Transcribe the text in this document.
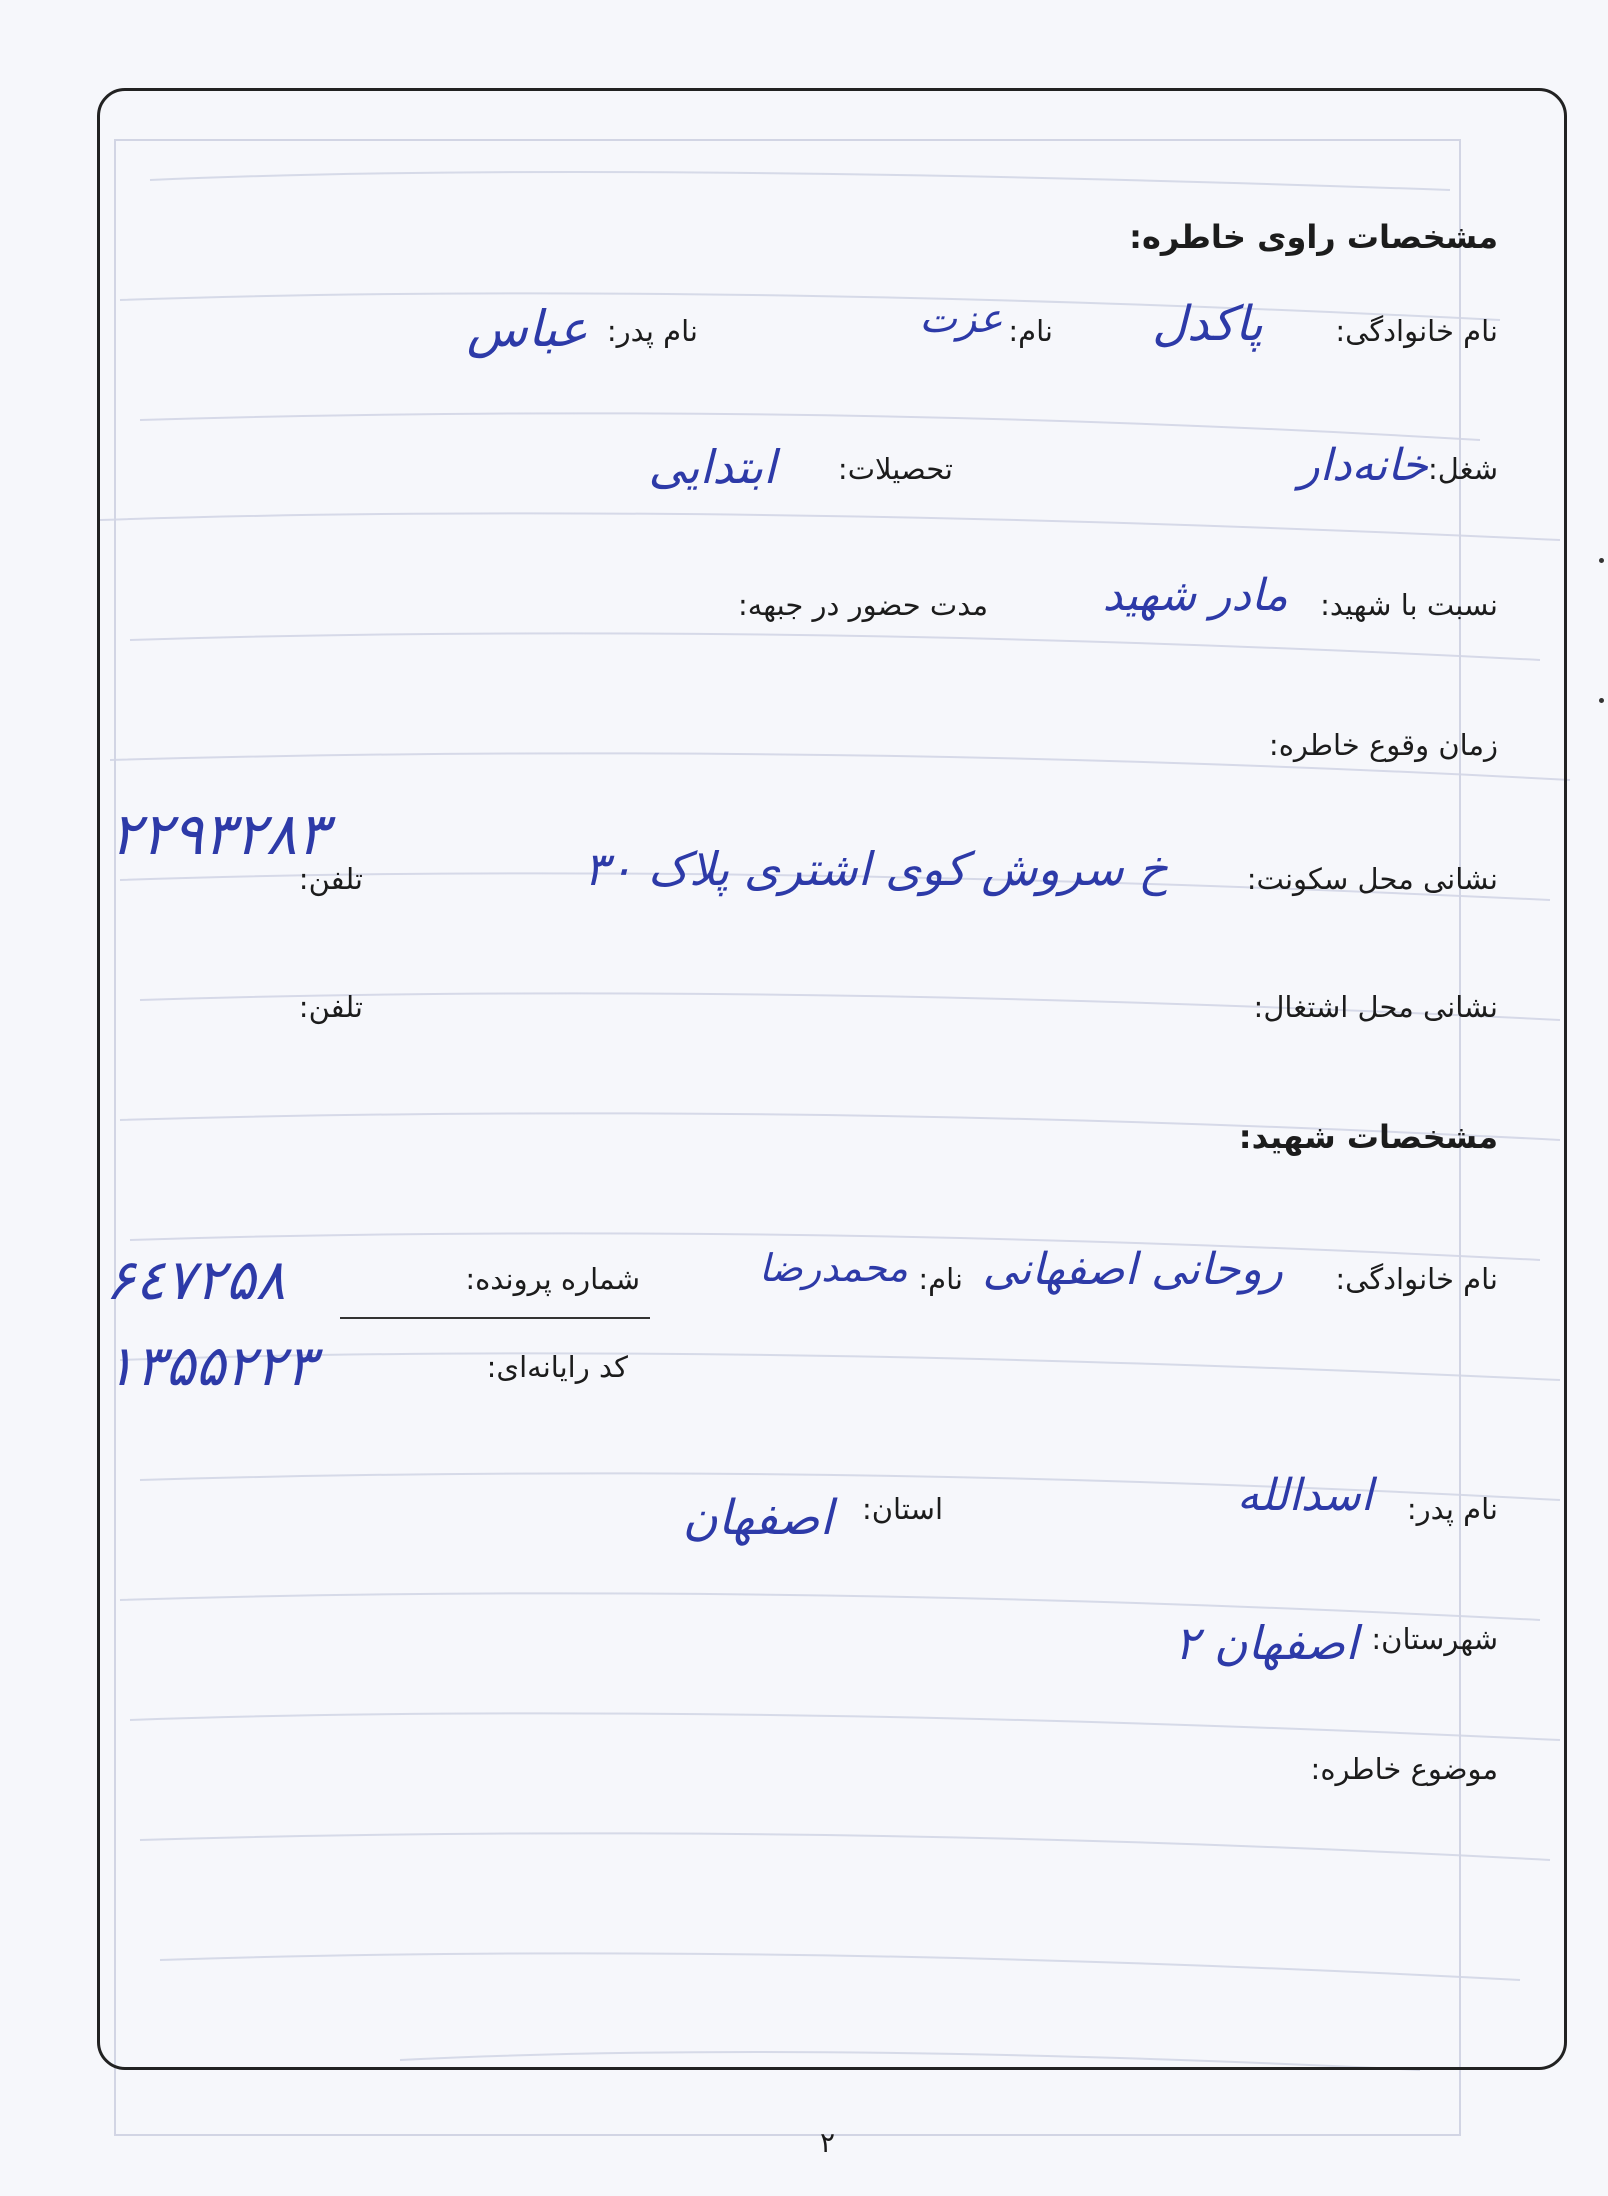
مشخصات راوی خاطره:
نام خانوادگی:
پاکدل
نام:
عزت
نام پدر:
عباس
شغل:
خانه‌دار
تحصیلات:
ابتدایی
نسبت با شهید:
مادر شهید
مدت حضور در جبهه:
زمان وقوع خاطره:
نشانی محل سکونت:
خ سروش کوی اشتری پلاک ۳۰
تلفن:
۲۲۹۳۲۸۳
نشانی محل اشتغال:
تلفن:
مشخصات شهید:
نام خانوادگی:
روحانی اصفهانی
نام:
محمدرضا
شماره پرونده:
۶٤۷۲۵۸
کد رایانه‌ای:
۱۳۵۵۲۲۳
نام پدر:
اسدالله
استان:
اصفهان
شهرستان:
اصفهان ۲
موضوع خاطره:
۲
